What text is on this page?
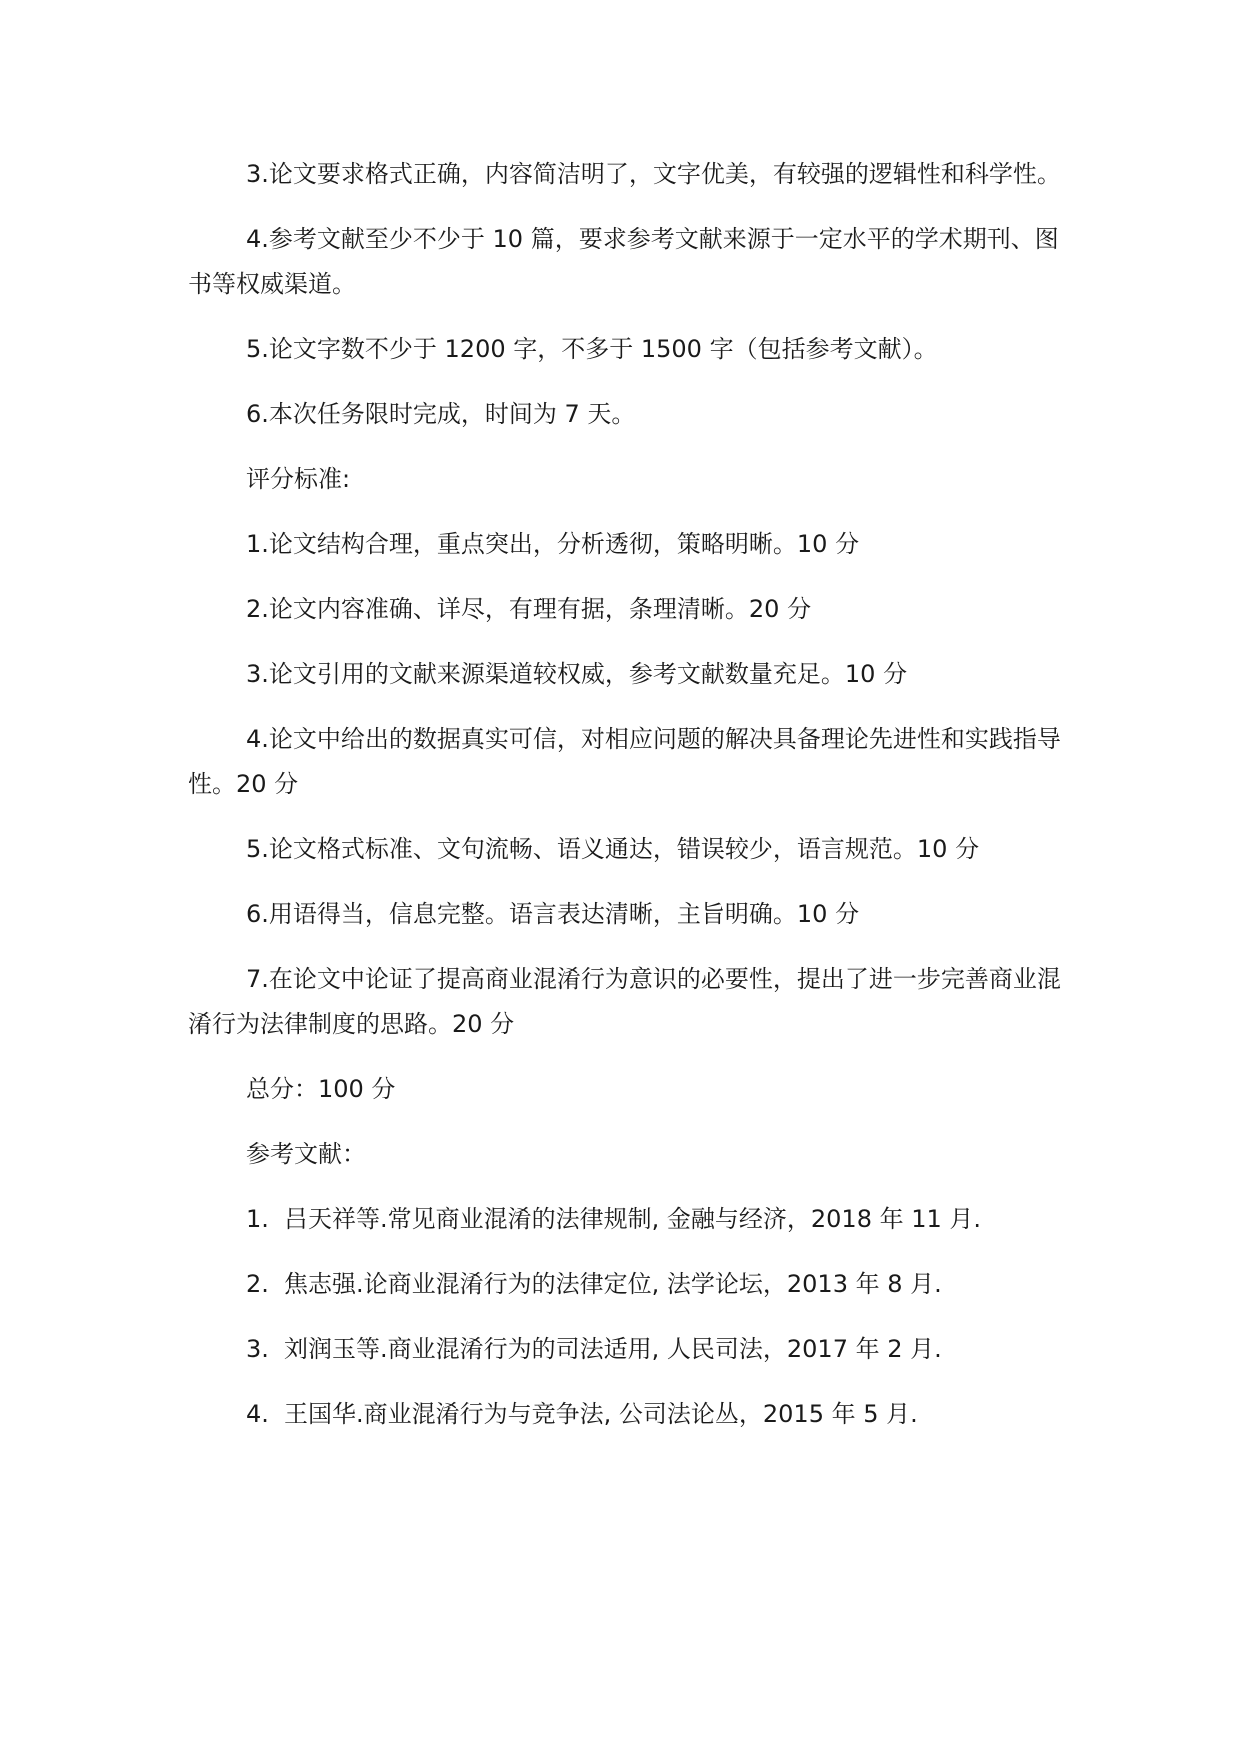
3.论文要求格式正确，内容简洁明了，文字优美，有较强的逻辑性和科学性。

4.参考文献至少不少于 10 篇，要求参考文献来源于一定水平的学术期刊、图书等权威渠道。

5.论文字数不少于 1200 字，不多于 1500 字（包括参考文献）。

6.本次任务限时完成，时间为 7 天。

评分标准:

1.论文结构合理，重点突出，分析透彻，策略明晰。10 分

2.论文内容准确、详尽，有理有据，条理清晰。20 分

3.论文引用的文献来源渠道较权威，参考文献数量充足。10 分

4.论文中给出的数据真实可信，对相应问题的解决具备理论先进性和实践指导性。20 分

5.论文格式标准、文句流畅、语义通达，错误较少，语言规范。10 分

6.用语得当，信息完整。语言表达清晰，主旨明确。10 分

7.在论文中论证了提高商业混淆行为意识的必要性，提出了进一步完善商业混淆行为法律制度的思路。20 分

总分：100 分

参考文献：

1. 吕天祥等.常见商业混淆的法律规制, 金融与经济，2018 年 11 月.
2. 焦志强.论商业混淆行为的法律定位, 法学论坛，2013 年 8 月.
3. 刘润玉等.商业混淆行为的司法适用, 人民司法，2017 年 2 月.
4. 王国华.商业混淆行为与竞争法, 公司法论丛，2015 年 5 月.
